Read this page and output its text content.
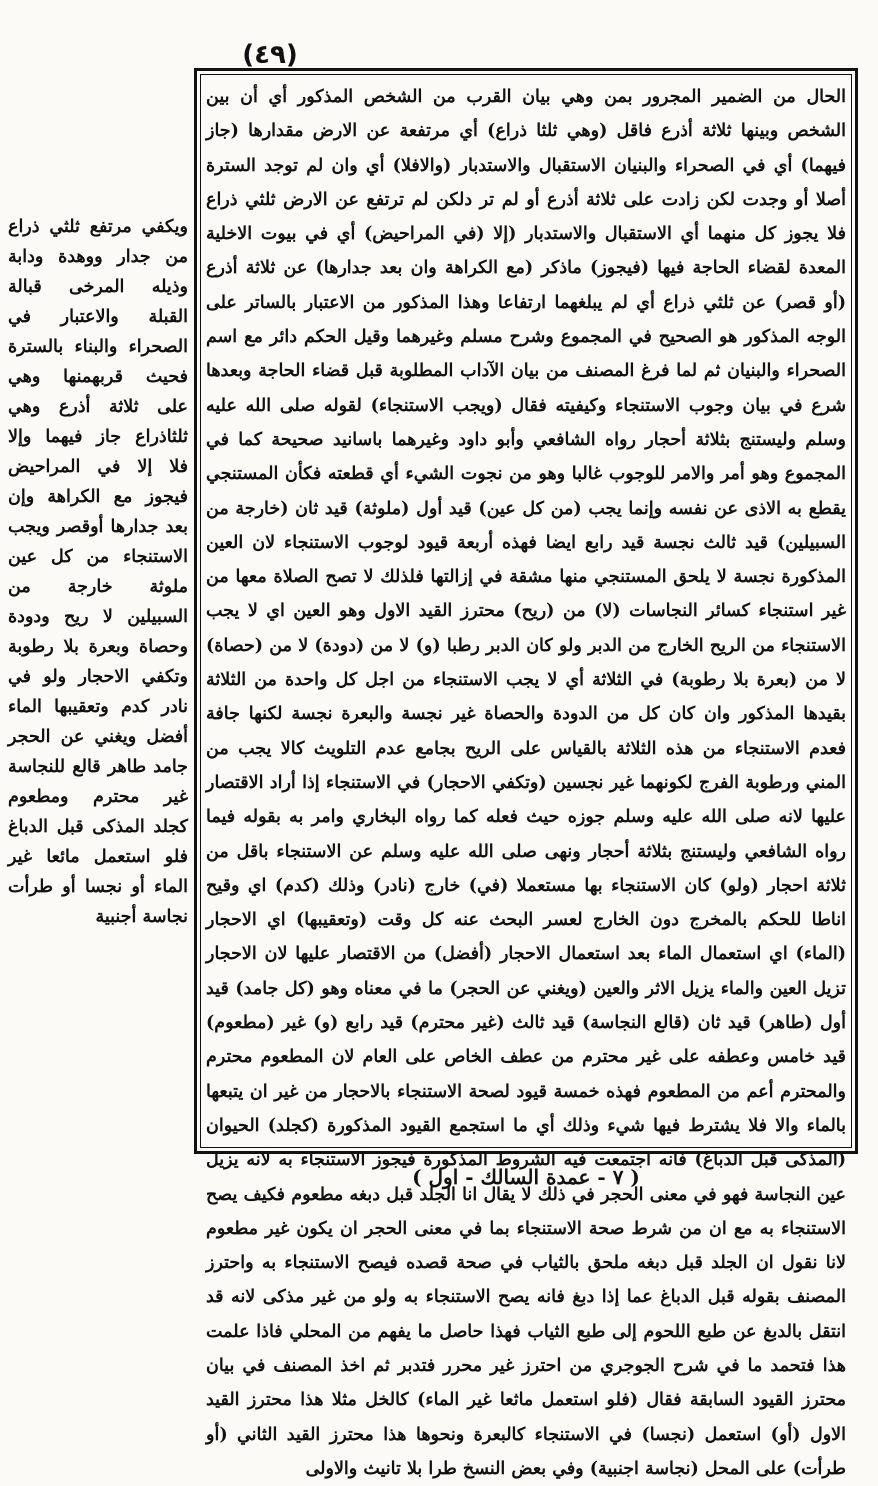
(٤٩)

الحال من الضمير المجرور بمن وهي بيان القرب من الشخص المذكور أي أن بين الشخص وبينها ثلاثة أذرع فاقل (وهي ثلثا ذراع) أي مرتفعة عن الارض مقدارها (جاز فيهما) أي في الصحراء والبنيان الاستقبال والاستدبار (والافلا) أي وان لم توجد السترة أصلا أو وجدت لكن زادت على ثلاثة أذرع أو لم تر دلكن لم ترتفع عن الارض ثلثي ذراع فلا يجوز كل منهما أي الاستقبال والاستدبار (إلا (في المراحيض) أي في بيوت الاخلية المعدة لقضاء الحاجة فيها (فيجوز) ماذكر (مع الكراهة وان بعد جدارها) عن ثلاثة أذرع (أو قصر) عن ثلثي ذراع أي لم يبلغهما ارتفاعا وهذا المذكور من الاعتبار بالساتر على الوجه المذكور هو الصحيح في المجموع وشرح مسلم وغيرهما وقيل الحكم دائر مع اسم الصحراء والبنيان ثم لما فرغ المصنف من بيان الآداب المطلوبة قبل قضاء الحاجة وبعدها شرع في بيان وجوب الاستنجاء وكيفيته فقال (ويجب الاستنجاء) لقوله صلى الله عليه وسلم وليستنج بثلاثة أحجار رواه الشافعي وأبو داود وغيرهما باسانيد صحيحة كما في المجموع وهو أمر والامر للوجوب غالبا وهو من نجوت الشيء أي قطعته فكأن المستنجي يقطع به الاذى عن نفسه وإنما يجب (من كل عين) قيد أول (ملوثة) قيد ثان (خارجة من السبيلين) قيد ثالث نجسة قيد رابع ايضا فهذه أربعة قيود لوجوب الاستنجاء لان العين المذكورة نجسة لا يلحق المستنجي منها مشقة في إزالتها فلذلك لا تصح الصلاة معها من غير استنجاء كسائر النجاسات (لا) من (ريح) محترز القيد الاول وهو العين اي لا يجب الاستنجاء من الريح الخارج من الدبر ولو كان الدبر رطبا (و) لا من (دودة) لا من (حصاة) لا من (بعرة بلا رطوبة) في الثلاثة أي لا يجب الاستنجاء من اجل كل واحدة من الثلاثة بقيدها المذكور وان كان كل من الدودة والحصاة غير نجسة والبعرة نجسة لكنها جافة فعدم الاستنجاء من هذه الثلاثة بالقياس على الريح بجامع عدم التلويث كالا يجب من المني ورطوبة الفرج لكونهما غير نجسين (وتكفي الاحجار) في الاستنجاء إذا أراد الاقتصار عليها لانه صلى الله عليه وسلم جوزه حيث فعله كما رواه البخاري وامر به بقوله فيما رواه الشافعي وليستنج بثلاثة أحجار ونهى صلى الله عليه وسلم عن الاستنجاء باقل من ثلاثة احجار (ولو) كان الاستنجاء بها مستعملا (في) خارج (نادر) وذلك (كدم) اي وقيح اناطا للحكم بالمخرج دون الخارج لعسر البحث عنه كل وقت (وتعقيبها) اي الاحجار (الماء) اي استعمال الماء بعد استعمال الاحجار (أفضل) من الاقتصار عليها لان الاحجار تزيل العين والماء يزيل الاثر والعين (ويغني عن الحجر) ما في معناه وهو (كل جامد) قيد أول (طاهر) قيد ثان (قالع النجاسة) قيد ثالث (غير محترم) قيد رابع (و) غير (مطعوم) قيد خامس وعطفه على غير محترم من عطف الخاص على العام لان المطعوم محترم والمحترم أعم من المطعوم فهذه خمسة قيود لصحة الاستنجاء بالاحجار من غير ان يتبعها بالماء والا فلا يشترط فيها شيء وذلك أي ما استجمع القيود المذكورة (كجلد) الحيوان (المذكى قبل الدباغ) فانه اجتمعت فيه الشروط المذكورة فيجوز الاستنجاء به لانه يزيل عين النجاسة فهو في معنى الحجر في ذلك لا يقال انا الجلد قبل دبغه مطعوم فكيف يصح الاستنجاء به مع ان من شرط صحة الاستنجاء بما في معنى الحجر ان يكون غير مطعوم لانا نقول ان الجلد قبل دبغه ملحق بالثياب في صحة قصده فيصح الاستنجاء به واحترز المصنف بقوله قبل الدباغ عما إذا دبغ فانه يصح الاستنجاء به ولو من غير مذكى لانه قد انتقل بالدبغ عن طبع اللحوم إلى طبع الثياب فهذا حاصل ما يفهم من المحلي فاذا علمت هذا فتحمد ما في شرح الجوجري من احترز غير محرر فتدبر ثم اخذ المصنف في بيان محترز القيود السابقة فقال (فلو استعمل ماثعا غير الماء) كالخل مثلا هذا محترز القيد الاول (أو) استعمل (نجسا) في الاستنجاء كالبعرة ونحوها هذا محترز القيد الثاني (أو طرأت) على المحل (نجاسة اجنبية) وفي بعض النسخ طرا بلا تانيث والاولى

ويكفي مرتفع ثلثي ذراع من جدار ووهدة ودابة وذيله المرخى قبالة القبلة والاعتبار في الصحراء والبناء بالسترة فحيث قربهمنها وهي على ثلاثة أذرع وهي ثلثاذراع جاز فيهما وإلا فلا إلا في المراحيض فيجوز مع الكراهة وإن بعد جدارها أوقصر ويجب الاستنجاء من كل عين ملوثة خارجة من السبيلين لا ريح ودودة وحصاة وبعرة بلا رطوبة وتكفي الاحجار ولو في نادر كدم وتعقيبها الماء أفضل ويغني عن الحجر جامد طاهر قالع للنجاسة غير محترم ومطعوم كجلد المذكى قبل الدباغ فلو استعمل مائعا غير الماء أو نجسا أو طرأت نجاسة أجنبية

( ٧ - عمدة السالك - اول )
